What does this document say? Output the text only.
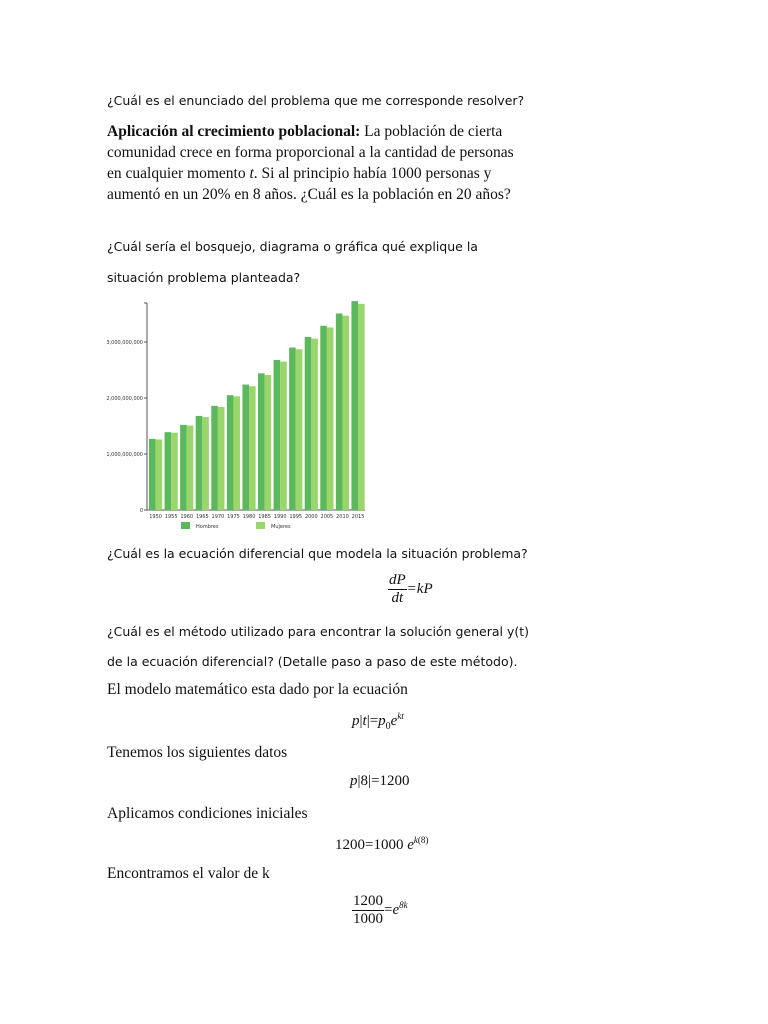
¿Cuál es el enunciado del problema que me corresponde resolver?
Aplicación al crecimiento poblacional: La población de cierta
comunidad crece en forma proporcional a la cantidad de personas
en cualquier momento t. Si al principio había 1000 personas y
aumentó en un 20% en 8 años. ¿Cuál es la población en 20 años?
¿Cuál sería el bosquejo, diagrama o gráfica qué explique la
situación problema planteada?
0
1,000,000,000
2,000,000,000
3,000,000,000
1950 1955 1960 1965 1970 1975 1980 1985 1990 1995 2000 2005 2010 2015
Hombres	Mujeres
¿Cuál es la ecuación diferencial que modela la situación problema?
$\frac{dP}{dt} =kP$
¿Cuál es el método utilizado para encontrar la solución general y(t)
de la ecuación diferencial? (Detalle paso a paso de este método).
El modelo matemático esta dado por la ecuación
$p|t|=p_0e^{kt}$
Tenemos los siguientes datos
p|8|=1200
Aplicamos condiciones iniciales
1200=1000 $e^{k(8)}$
Encontramos el valor de k
$\frac{1200}{1000} =e^{8k}$
